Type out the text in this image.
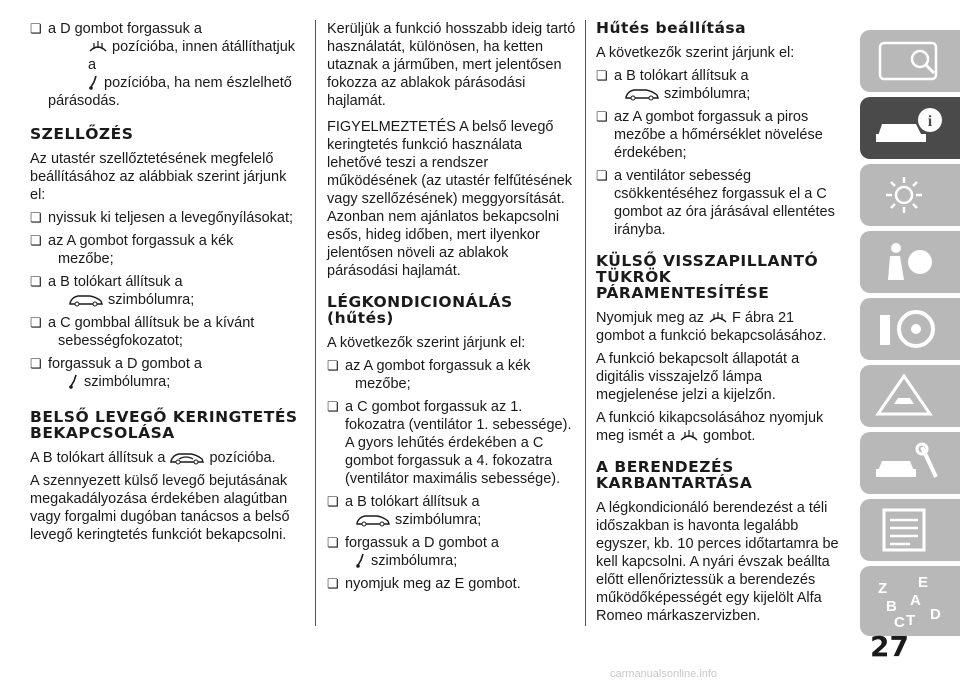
❏ a D gombot forgassuk a

pozícióba, innen átállíthatjuk a
pozícióba, ha nem észlelhető
párásodás.

SZELLŐZÉS

Az utastér szellőztetésének megfelelő beállításához az alábbiak szerint járjunk el:

❏ nyissuk ki teljesen a levegőnyílásokat;

❏ az A gombot forgassuk a kék
mezőbe;

❏ a B tolókart állítsuk a

szimbólumra;

❏ a C gombbal állítsuk be a kívánt
sebességfokozatot;

❏ forgassuk a D gombot a
szimbólumra;

BELSŐ LEVEGŐ KERINGTETÉS BEKAPCSOLÁSA

A B tolókart állítsuk a	pozícióba.

A szennyezett külső levegő bejutásának megakadályozása érdekében alagútban vagy forgalmi dugóban tanácsos a belső levegő keringtetés funkciót bekapcsolni.

Kerüljük a funkció hosszabb ideig tartó használatát, különösen, ha ketten utaznak a járműben, mert jelentősen fokozza az ablakok párásodási hajlamát.

FIGYELMEZTETÉS A belső levegő keringtetés funkció használata lehetővé teszi a rendszer működésének (az utastér felfűtésének vagy szellőzésének) meggyorsítását. Azonban nem ajánlatos bekapcsolni esős, hideg időben, mert ilyenkor jelentősen növeli az ablakok párásodási hajlamát.

LÉGKONDICIONÁLÁS (hűtés)

A következők szerint járjunk el:

❏ az A gombot forgassuk a kék
mezőbe;

❏ a C gombot forgassuk az 1. fokozatra (ventilátor 1. sebessége). A gyors lehűtés érdekében a C gombot forgassuk a 4. fokozatra (ventilátor maximális sebessége).

❏ a B tolókart állítsuk a
szimbólumra;

❏ forgassuk a D gombot a
szimbólumra;

❏ nyomjuk meg az E gombot.

Hűtés beállítása

A következők szerint járjunk el:

❏ a B tolókart állítsuk a
szimbólumra;

❏ az A gombot forgassuk a piros mezőbe a hőmérséklet növelése érdekében;

❏ a ventilátor sebesség csökkentéséhez forgassuk el a C gombot az óra járásával ellentétes irányba.

KÜLSŐ VISSZAPILLANTÓ TÜKRÖK PÁRAMENTESÍTÉSE

Nyomjuk meg az F ábra 21 gombot a funkció bekapcsolásához.

A funkció bekapcsolt állapotát a digitális visszajelző lámpa megjelenése jelzi a kijelzőn.

A funkció kikapcsolásához nyomjuk meg ismét a gombot.

A BERENDEZÉS KARBANTARTÁSA

A légkondicionáló berendezést a téli időszakban is havonta legalább egyszer, kb. 10 perces időtartamra be kell kapcsolni. A nyári évszak beállta előtt ellenőriztessük a berendezés működőképességét egy kijelölt Alfa Romeo márkaszervizben.

i
Z E
B A
C T D
27
carmanualsonline.info
